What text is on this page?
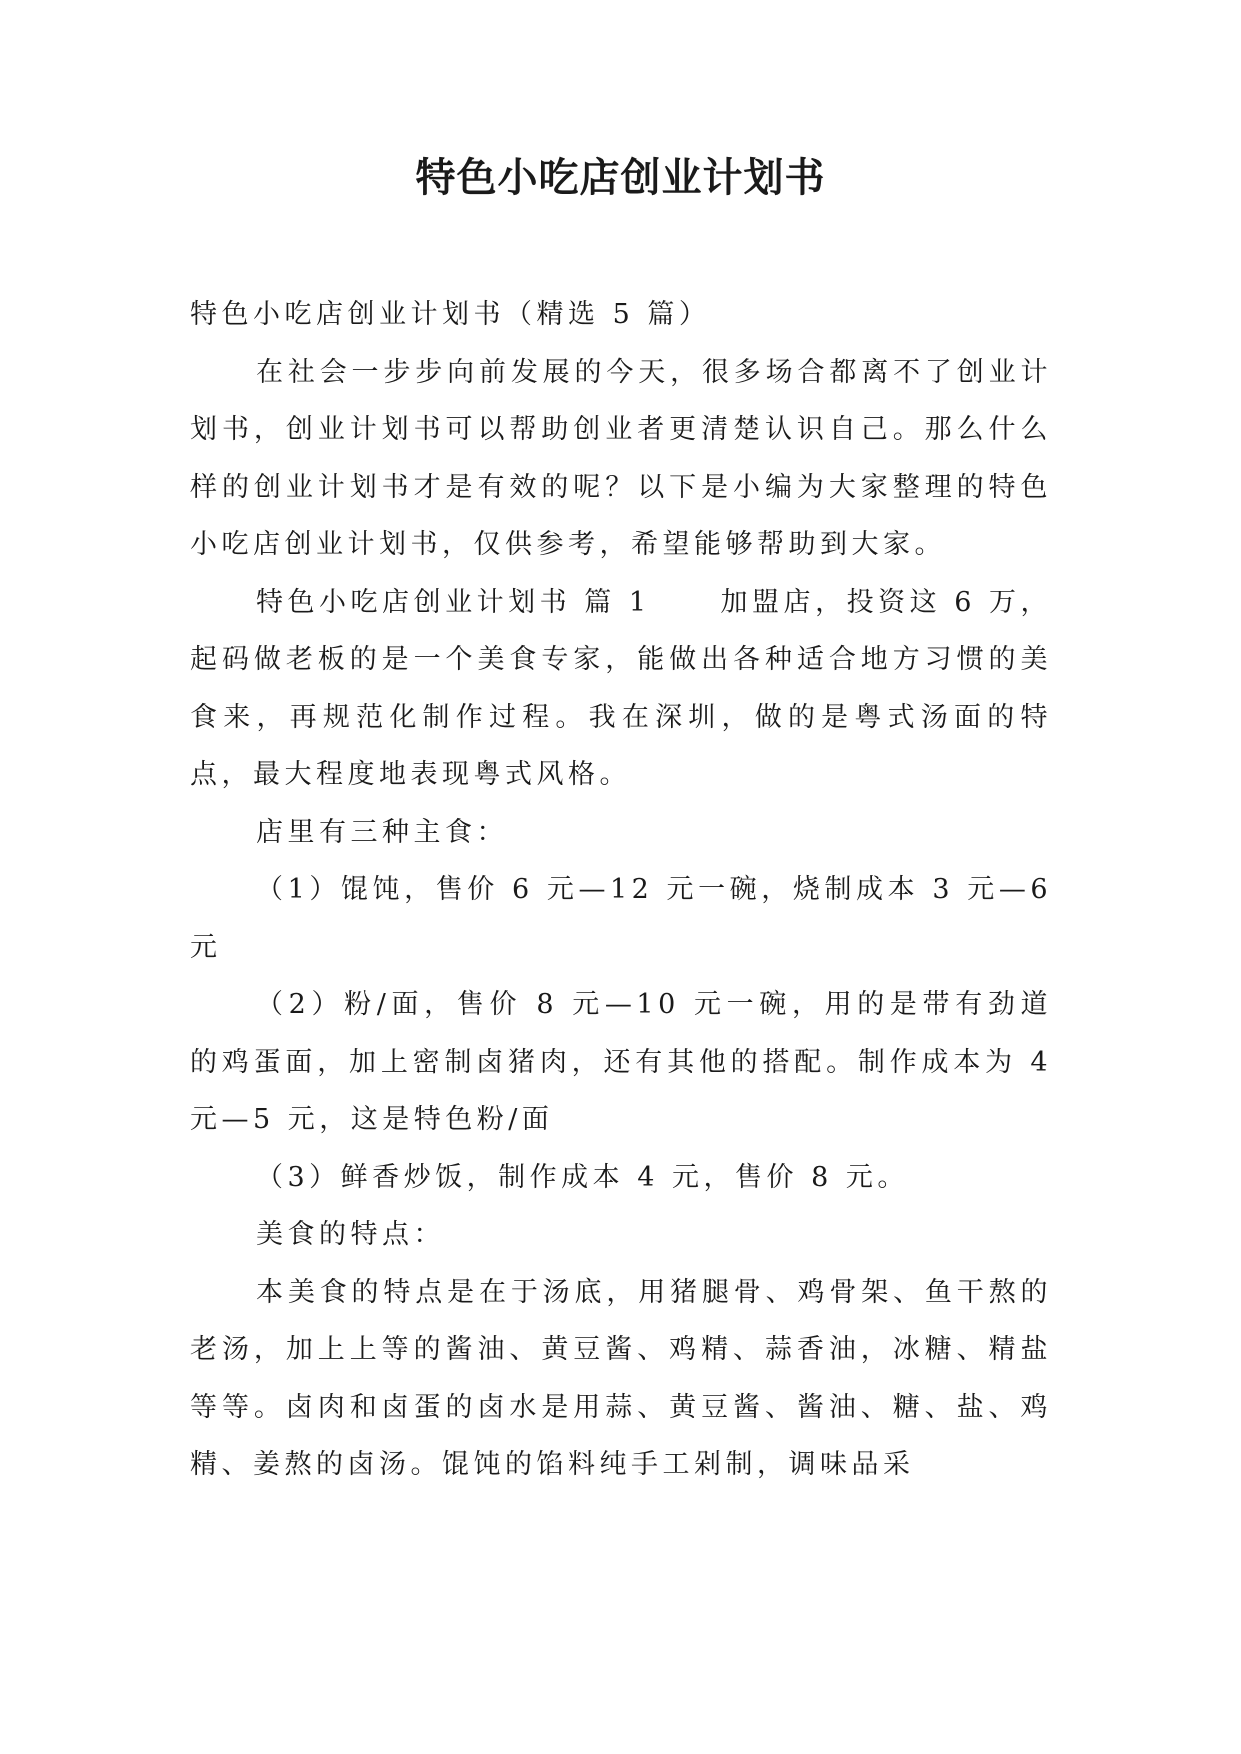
特色小吃店创业计划书

特色小吃店创业计划书（精选 5 篇）

在社会一步步向前发展的今天，很多场合都离不了创业计划书，创业计划书可以帮助创业者更清楚认识自己。那么什么样的创业计划书才是有效的呢？以下是小编为大家整理的特色小吃店创业计划书，仅供参考，希望能够帮助到大家。

特色小吃店创业计划书 篇 1	加盟店，投资这 6 万，起码做老板的是一个美食专家，能做出各种适合地方习惯的美食来，再规范化制作过程。我在深圳，做的是粤式汤面的特点，最大程度地表现粤式风格。

店里有三种主食：

（1）馄饨，售价 6 元—12 元一碗，烧制成本 3 元—6 元

（2）粉/面，售价 8 元—10 元一碗，用的是带有劲道的鸡蛋面，加上密制卤猪肉，还有其他的搭配。制作成本为 4 元—5 元，这是特色粉/面

（3）鲜香炒饭，制作成本 4 元，售价 8 元。

美食的特点：

本美食的特点是在于汤底，用猪腿骨、鸡骨架、鱼干熬的老汤，加上上等的酱油、黄豆酱、鸡精、蒜香油，冰糖、精盐等等。卤肉和卤蛋的卤水是用蒜、黄豆酱、酱油、糖、盐、鸡精、姜熬的卤汤。馄饨的馅料纯手工剁制，调味品采
